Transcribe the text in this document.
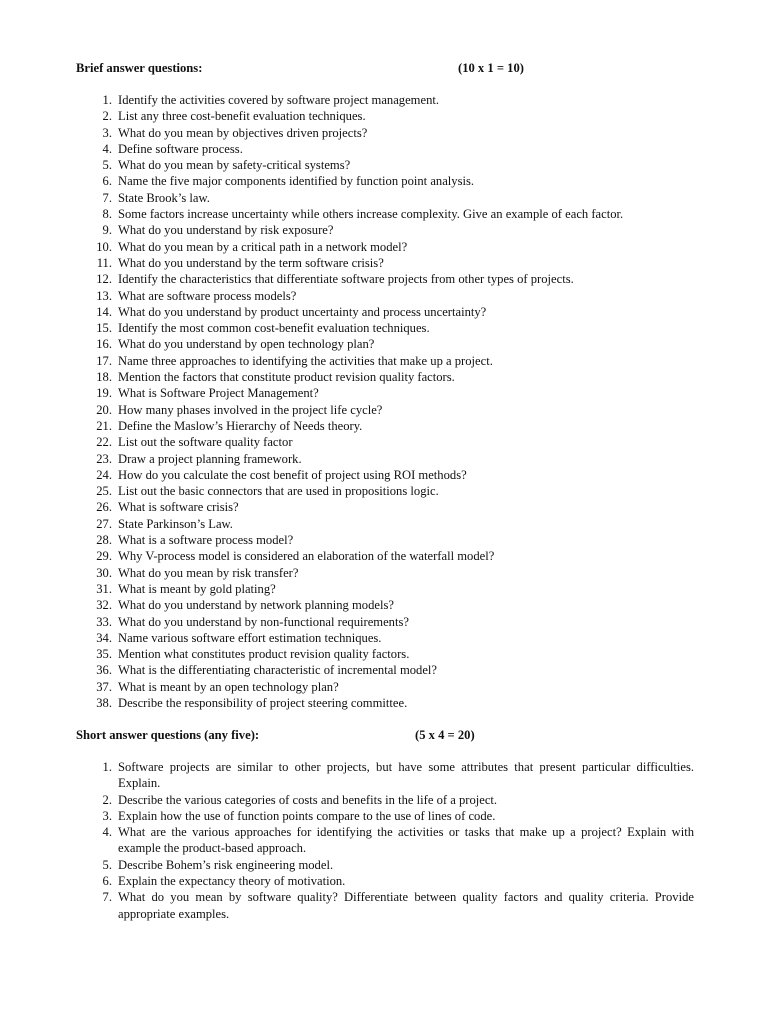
Brief answer questions:	(10 x 1 = 10)
1. Identify the activities covered by software project management.
2. List any three cost-benefit evaluation techniques.
3. What do you mean by objectives driven projects?
4. Define software process.
5. What do you mean by safety-critical systems?
6. Name the five major components identified by function point analysis.
7. State Brook’s law.
8. Some factors increase uncertainty while others increase complexity. Give an example of each factor.
9. What do you understand by risk exposure?
10. What do you mean by a critical path in a network model?
11. What do you understand by the term software crisis?
12. Identify the characteristics that differentiate software projects from other types of projects.
13. What are software process models?
14. What do you understand by product uncertainty and process uncertainty?
15. Identify the most common cost-benefit evaluation techniques.
16. What do you understand by open technology plan?
17. Name three approaches to identifying the activities that make up a project.
18. Mention the factors that constitute product revision quality factors.
19. What is Software Project Management?
20. How many phases involved in the project life cycle?
21. Define the Maslow’s Hierarchy of Needs theory.
22. List out the software quality factor
23. Draw a project planning framework.
24. How do you calculate the cost benefit of project using ROI methods?
25. List out the basic connectors that are used in propositions logic.
26. What is software crisis?
27. State Parkinson’s Law.
28. What is a software process model?
29. Why V-process model is considered an elaboration of the waterfall model?
30. What do you mean by risk transfer?
31. What is meant by gold plating?
32. What do you understand by network planning models?
33. What do you understand by non-functional requirements?
34. Name various software effort estimation techniques.
35. Mention what constitutes product revision quality factors.
36. What is the differentiating characteristic of incremental model?
37. What is meant by an open technology plan?
38. Describe the responsibility of project steering committee.
Short answer questions (any five):	(5 x 4 = 20)
1. Software projects are similar to other projects, but have some attributes that present particular difficulties. Explain.
2. Describe the various categories of costs and benefits in the life of a project.
3. Explain how the use of function points compare to the use of lines of code.
4. What are the various approaches for identifying the activities or tasks that make up a project? Explain with example the product-based approach.
5. Describe Bohem’s risk engineering model.
6. Explain the expectancy theory of motivation.
7. What do you mean by software quality? Differentiate between quality factors and quality criteria. Provide appropriate examples.
